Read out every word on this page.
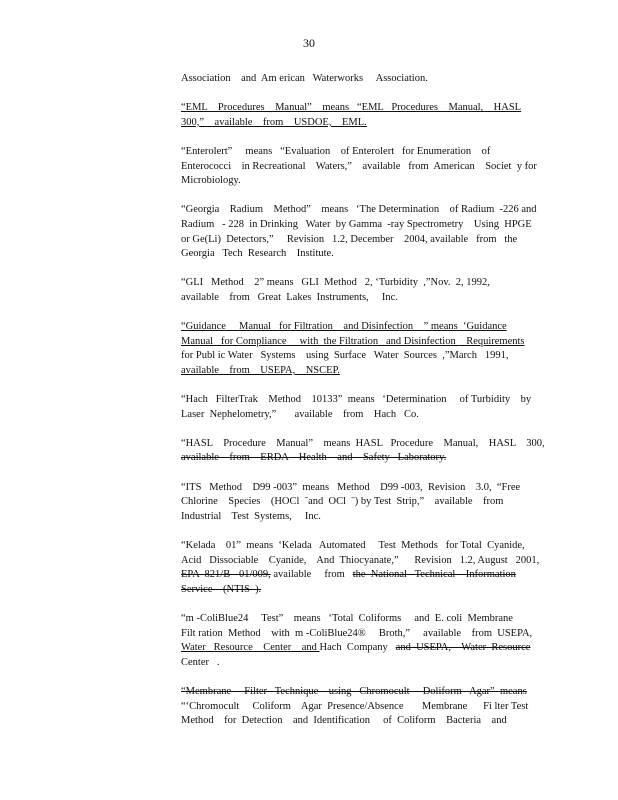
30
Association    and  Am erican   Waterworks     Association.
“EML    Procedures    Manual”    means   “EML   Procedures    Manual,    HASL
300,”    available    from    USDOE,    EML.
“Enterolert”     means   “Evaluation    of Enterolert   for Enumeration    of
Enterococci    in Recreational    Waters,”    available   from  American    Societ  y for
Microbiology.
“Georgia    Radium    Method”    means   ‘The Determination    of Radium  -226 and
Radium   - 228  in Drinking   Water  by Gamma  -ray Spectrometry    Using  HPGE
or Ge(Li)  Detectors,”     Revision   1.2, December    2004, available   from   the
Georgia   Tech  Research    Institute.
“GLI   Method    2” means   GLI  Method   2, ‘Turbidity  ,”Nov.  2, 1992,
available    from   Great  Lakes  Instruments,     Inc.
“Guidance     Manual   for Filtration    and Disinfection    ” means  ‘Guidance
Manual   for Compliance     with  the Filtration   and Disinfection    Requirements
for Publ ic Water   Systems    using  Surface   Water  Sources  ,”March   1991,
available    from    USEPA,    NSCEP.
“Hach   FilterTrak    Method    10133”  means   ‘Determination     of Turbidity    by
Laser  Nephelometry,”       available    from    Hach   Co.
“HASL    Procedure    Manual”    means  HASL   Procedure    Manual,    HASL    300,
available    from    ERDA    Health    and    Safety   Laboratory.
“ITS   Method    D99 -003”  means   Method    D99 -003,  Revision    3.0,  “Free
Chlorine    Species    (HOCl  ˉand  OCl  ˉ) by Test  Strip,”    available    from
Industrial    Test  Systems,     Inc.
“Kelada    01”  means  ‘Kelada   Automated     Test  Methods   for Total  Cyanide,
Acid   Dissociable    Cyanide,    And  Thiocyanate,”      Revision   1.2, August   2001,
EPA  821/B  -01/009, available     from   the  National   Technical    Information
Service    (NTIS  ).
“m -ColiBlue24     Test”    means   ‘Total  Coliforms     and  E. coli  Membrane
Filt ration  Method    with  m -ColiBlue24®     Broth,”     available    from  USEPA,
Water   Resource    Center    and Hach  Company   and  USEPA,    Water  Resource
Center   .
“Membrane     Filter   Technique    using   Chromocult     Doliform   Agar”  means
“‘Chromocult     Coliform    Agar  Presence/Absence       Membrane      Fi lter Test
Method    for  Detection    and  Identification     of  Coliform    Bacteria    and
